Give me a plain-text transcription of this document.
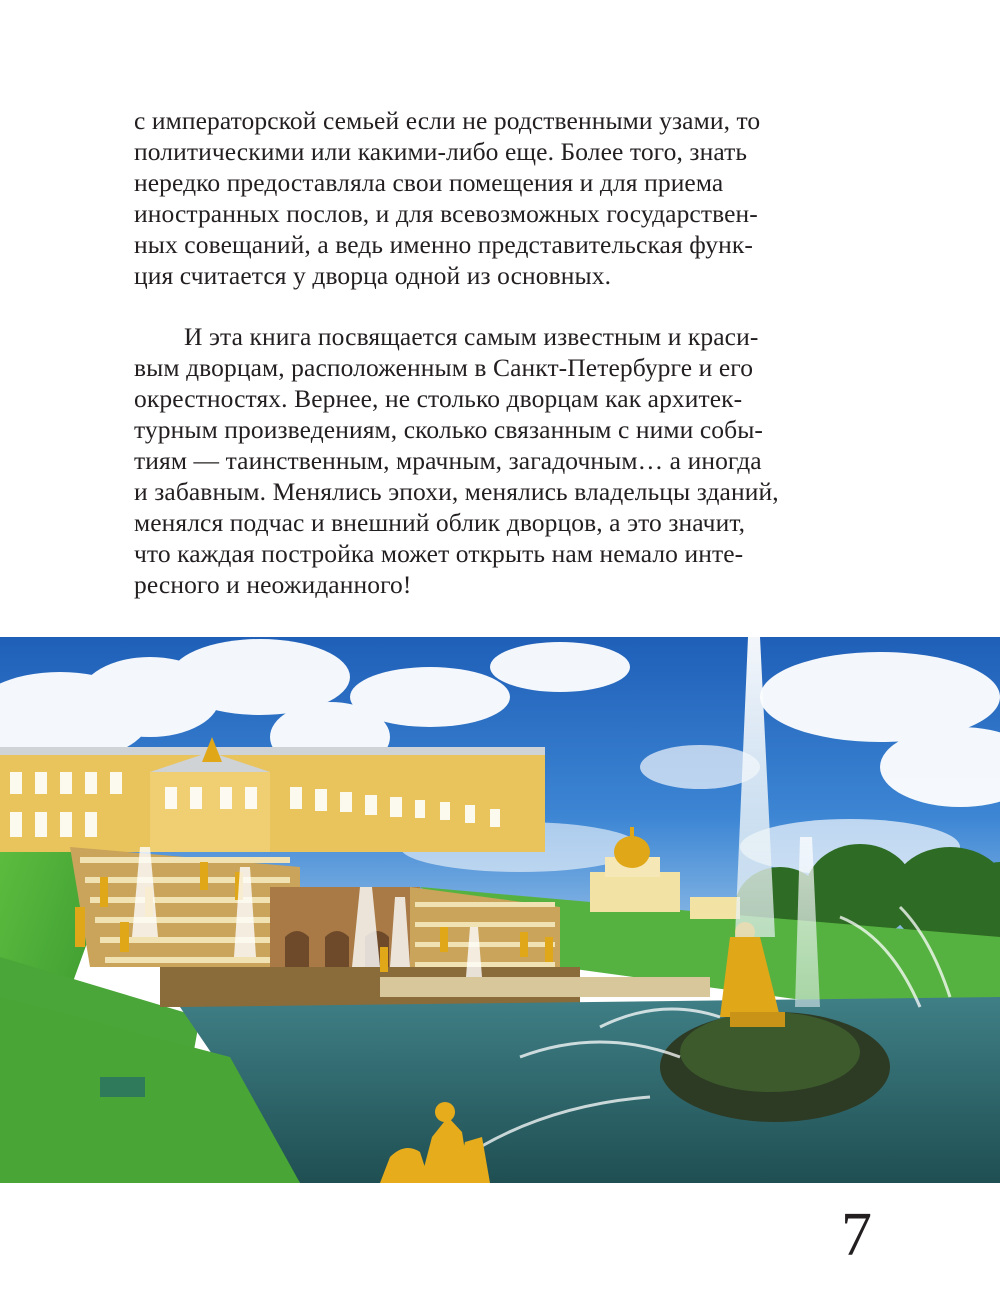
с императорской семьей если не родственными узами, то
политическими или какими-либо еще. Более того, знать
нередко предоставляла свои помещения и для приема
иностранных послов, и для всевозможных государствен-
ных совещаний, а ведь именно представительская функ-
ция считается у дворца одной из основных.

И эта книга посвящается самым известным и краси-
вым дворцам, расположенным в Санкт-Петербурге и его
окрестностях. Вернее, не столько дворцам как архитек-
турным произведениям, сколько связанным с ними собы-
тиям — таинственным, мрачным, загадочным… а иногда
и забавным. Менялись эпохи, менялись владельцы зданий,
менялся подчас и внешний облик дворцов, а это значит,
что каждая постройка может открыть нам немало инте-
ресного и неожиданного!

7
